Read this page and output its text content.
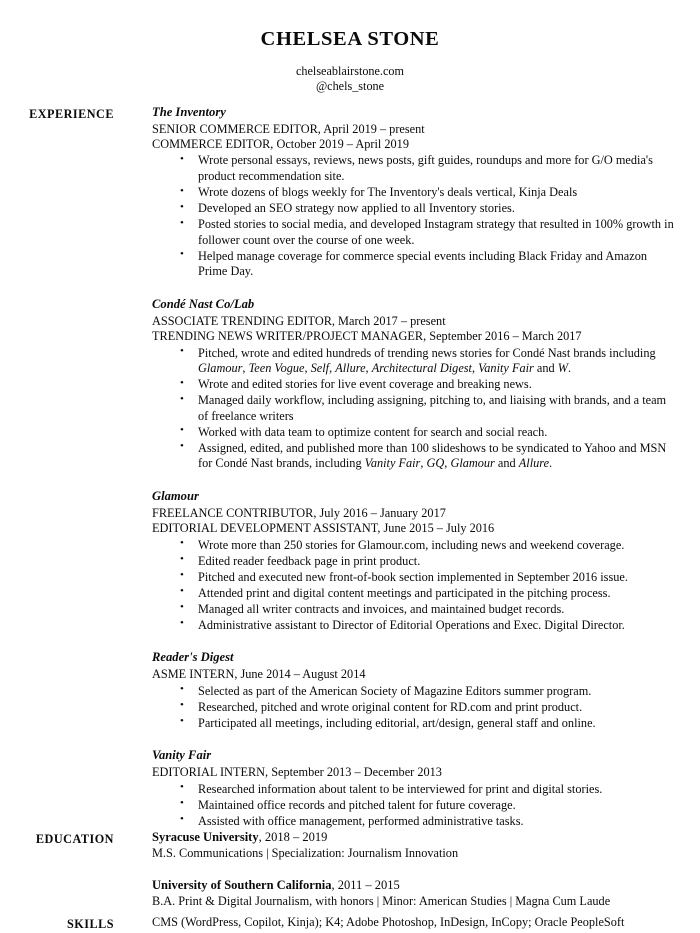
CHELSEA STONE
chelseablairstone.com
@chels_stone
EXPERIENCE	The Inventory
SENIOR COMMERCE EDITOR, April 2019 – present
COMMERCE EDITOR, October 2019 – April 2019
• Wrote personal essays, reviews, news posts, gift guides, roundups and more for G/O media's product recommendation site.
• Wrote dozens of blogs weekly for The Inventory's deals vertical, Kinja Deals
• Developed an SEO strategy now applied to all Inventory stories.
• Posted stories to social media, and developed Instagram strategy that resulted in 100% growth in follower count over the course of one week.
• Helped manage coverage for commerce special events including Black Friday and Amazon Prime Day.
Condé Nast Co/Lab
ASSOCIATE TRENDING EDITOR, March 2017 – present
TRENDING NEWS WRITER/PROJECT MANAGER, September 2016 – March 2017
• Pitched, wrote and edited hundreds of trending news stories for Condé Nast brands including Glamour, Teen Vogue, Self, Allure, Architectural Digest, Vanity Fair and W.
• Wrote and edited stories for live event coverage and breaking news.
• Managed daily workflow, including assigning, pitching to, and liaising with brands, and a team of freelance writers
• Worked with data team to optimize content for search and social reach.
• Assigned, edited, and published more than 100 slideshows to be syndicated to Yahoo and MSN for Condé Nast brands, including Vanity Fair, GQ, Glamour and Allure.
Glamour
FREELANCE CONTRIBUTOR, July 2016 – January 2017
EDITORIAL DEVELOPMENT ASSISTANT, June 2015 – July 2016
• Wrote more than 250 stories for Glamour.com, including news and weekend coverage.
• Edited reader feedback page in print product.
• Pitched and executed new front-of-book section implemented in September 2016 issue.
• Attended print and digital content meetings and participated in the pitching process.
• Managed all writer contracts and invoices, and maintained budget records.
• Administrative assistant to Director of Editorial Operations and Exec. Digital Director.
Reader's Digest
ASME INTERN, June 2014 – August 2014
• Selected as part of the American Society of Magazine Editors summer program.
• Researched, pitched and wrote original content for RD.com and print product.
• Participated all meetings, including editorial, art/design, general staff and online.
Vanity Fair
EDITORIAL INTERN, September 2013 – December 2013
• Researched information about talent to be interviewed for print and digital stories.
• Maintained office records and pitched talent for future coverage.
• Assisted with office management, performed administrative tasks.
EDUCATION	Syracuse University, 2018 – 2019

M.S. Communications | Specialization: Journalism Innovation

University of Southern California, 2011 – 2015

B.A. Print & Digital Journalism, with honors | Minor: American Studies | Magna Cum Laude

SKILLS	CMS (WordPress, Copilot, Kinja); K4; Adobe Photoshop, InDesign, InCopy; Oracle PeopleSoft
